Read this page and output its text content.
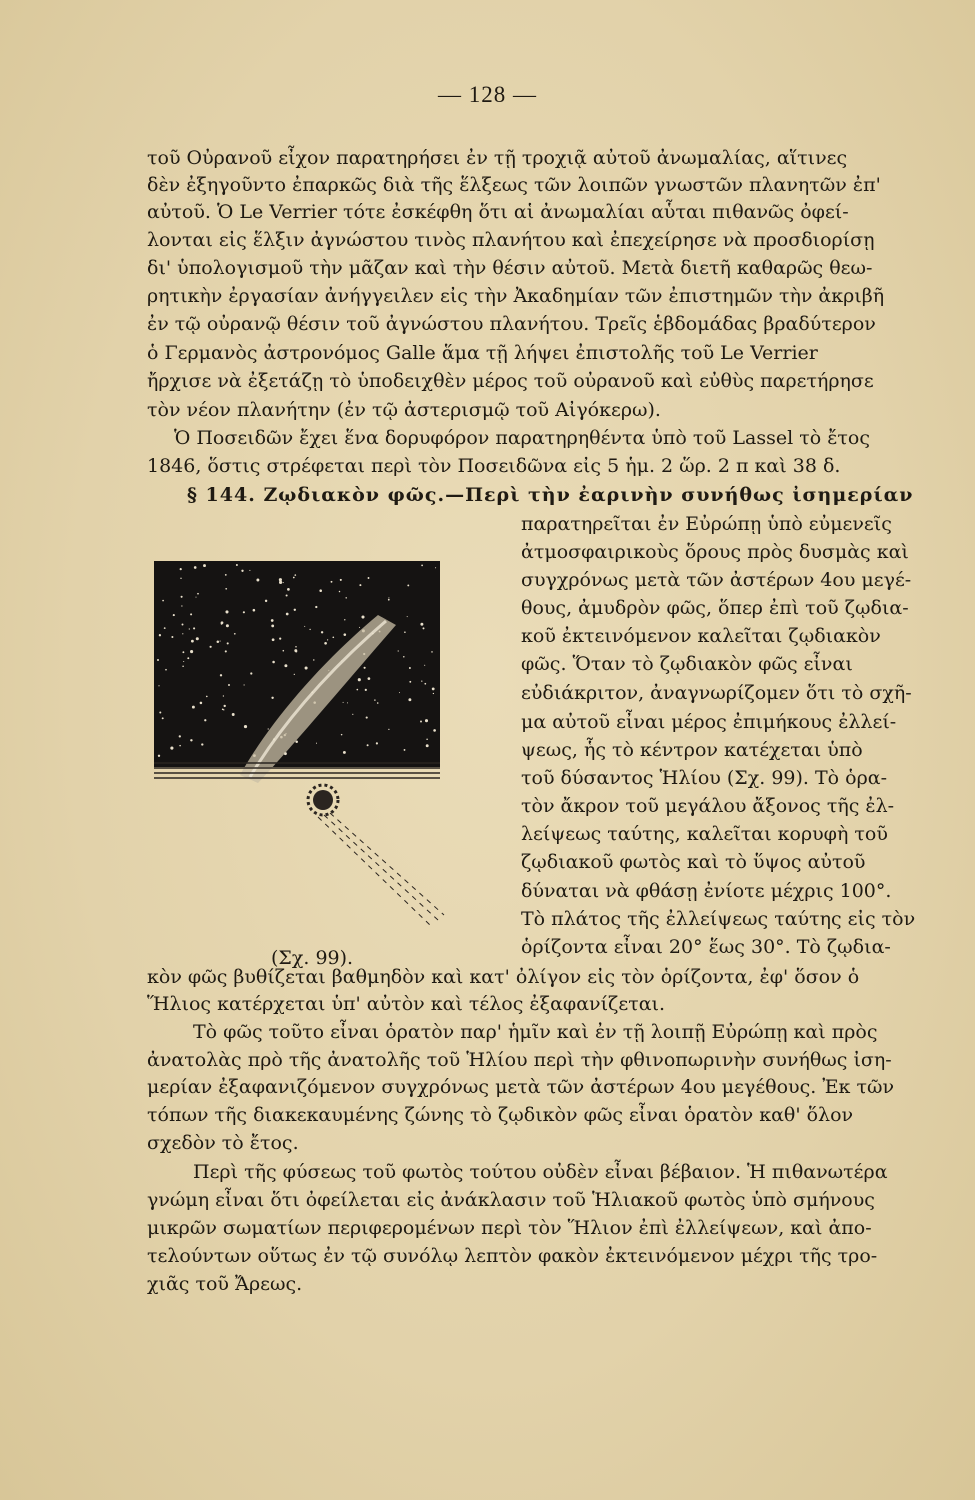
— 128 —
τοῦ Οὐρανοῦ εἶχον παρατηρήσει ἐν τῇ τροχιᾷ αὐτοῦ ἀνωμαλίας, αἵτινες
δὲν ἐξηγοῦντο ἐπαρκῶς διὰ τῆς ἕλξεως τῶν λοιπῶν γνωστῶν πλανητῶν ἐπ'
αὐτοῦ. Ὁ Le Verrier τότε ἐσκέφθη ὅτι αἱ ἀνωμαλίαι αὗται πιθανῶς ὀφεί-
λονται εἰς ἕλξιν ἀγνώστου τινὸς πλανήτου καὶ ἐπεχείρησε νὰ προσδιορίσῃ
δι' ὑπολογισμοῦ τὴν μᾶζαν καὶ τὴν θέσιν αὐτοῦ. Μετὰ διετῆ καθαρῶς θεω-
ρητικὴν ἐργασίαν ἀνήγγειλεν εἰς τὴν Ἀκαδημίαν τῶν ἐπιστημῶν τὴν ἀκριβῆ
ἐν τῷ οὐρανῷ θέσιν τοῦ ἀγνώστου πλανήτου. Τρεῖς ἑβδομάδας βραδύτερον
ὁ Γερμανὸς ἀστρονόμος Galle ἅμα τῇ λήψει ἐπιστολῆς τοῦ Le Verrier
ἤρχισε νὰ ἐξετάζῃ τὸ ὑποδειχθὲν μέρος τοῦ οὐρανοῦ καὶ εὐθὺς παρετήρησε
τὸν νέον πλανήτην (ἐν τῷ ἀστερισμῷ τοῦ Αἰγόκερω).
Ὁ Ποσειδῶν ἔχει ἕνα δορυφόρον παρατηρηθέντα ὑπὸ τοῦ Lassel τὸ ἔτος
1846, ὅστις στρέφεται περὶ τὸν Ποσειδῶνα εἰς 5 ἡμ. 2 ὥρ. 2 π καὶ 38 δ.
§ 144. Ζῳδιακὸν φῶς.—Περὶ τὴν ἐαρινὴν συνήθως ἰσημερίαν
παρατηρεῖται ἐν Εὐρώπῃ ὑπὸ εὐμενεῖς
ἀτμοσφαιρικοὺς ὅρους πρὸς δυσμὰς καὶ
συγχρόνως μετὰ τῶν ἀστέρων 4ου μεγέ-
θους, ἀμυδρὸν φῶς, ὅπερ ἐπὶ τοῦ ζῳδια-
κοῦ ἐκτεινόμενον καλεῖται ζῳδιακὸν
φῶς. Ὅταν τὸ ζῳδιακὸν φῶς εἶναι
εὐδιάκριτον, ἀναγνωρίζομεν ὅτι τὸ σχῆ-
μα αὐτοῦ εἶναι μέρος ἐπιμήκους ἐλλεί-
ψεως, ἧς τὸ κέντρον κατέχεται ὑπὸ
τοῦ δύσαντος Ἡλίου (Σχ. 99). Τὸ ὁρα-
τὸν ἄκρον τοῦ μεγάλου ἄξονος τῆς ἐλ-
λείψεως ταύτης, καλεῖται κορυφὴ τοῦ
ζῳδιακοῦ φωτὸς καὶ τὸ ὕψος αὐτοῦ
δύναται νὰ φθάσῃ ἐνίοτε μέχρις 100°.
Τὸ πλάτος τῆς ἐλλείψεως ταύτης εἰς τὸν
ὁρίζοντα εἶναι 20° ἕως 30°. Τὸ ζῳδια-
κὸν φῶς βυθίζεται βαθμηδὸν καὶ κατ' ὀλίγον εἰς τὸν ὁρίζοντα, ἐφ' ὅσον ὁ
Ἥλιος κατέρχεται ὑπ' αὐτὸν καὶ τέλος ἐξαφανίζεται.
Τὸ φῶς τοῦτο εἶναι ὁρατὸν παρ' ἡμῖν καὶ ἐν τῇ λοιπῇ Εὐρώπῃ καὶ πρὸς
ἀνατολὰς πρὸ τῆς ἀνατολῆς τοῦ Ἡλίου περὶ τὴν φθινοπωρινὴν συνήθως ἰση-
μερίαν ἐξαφανιζόμενον συγχρόνως μετὰ τῶν ἀστέρων 4ου μεγέθους. Ἐκ τῶν
τόπων τῆς διακεκαυμένης ζώνης τὸ ζῳδικὸν φῶς εἶναι ὁρατὸν καθ' ὅλον
σχεδὸν τὸ ἔτος.
Περὶ τῆς φύσεως τοῦ φωτὸς τούτου οὐδὲν εἶναι βέβαιον. Ἡ πιθανωτέρα
γνώμη εἶναι ὅτι ὀφείλεται εἰς ἀνάκλασιν τοῦ Ἡλιακοῦ φωτὸς ὑπὸ σμήνους
μικρῶν σωματίων περιφερομένων περὶ τὸν Ἥλιον ἐπὶ ἐλλείψεων, καὶ ἀπο-
τελούντων οὕτως ἐν τῷ συνόλῳ λεπτὸν φακὸν ἐκτεινόμενον μέχρι τῆς τρο-
χιᾶς τοῦ Ἄρεως.
(Σχ. 99).
